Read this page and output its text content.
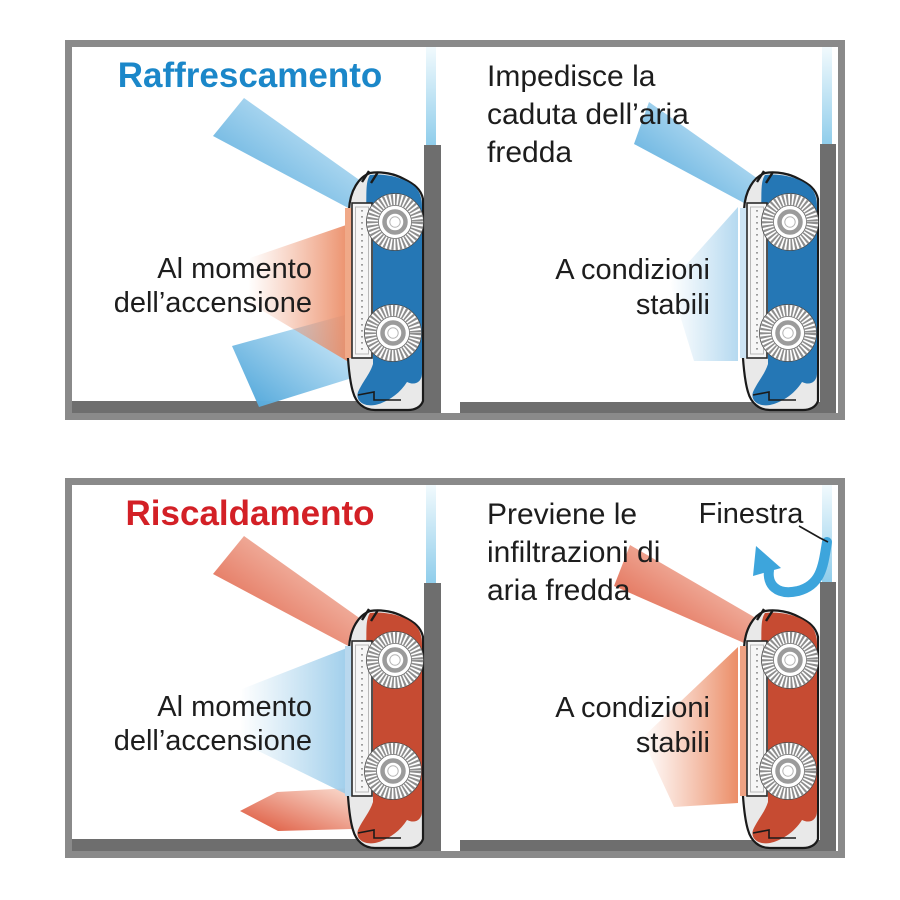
Raffrescamento
Al momento
dell’accensione
Impedisce la
caduta dell’aria
fredda
A condizioni
stabili
Riscaldamento
Al momento
dell’accensione
Previene le
infiltrazioni di
aria fredda
Finestra
A condizioni
stabili
